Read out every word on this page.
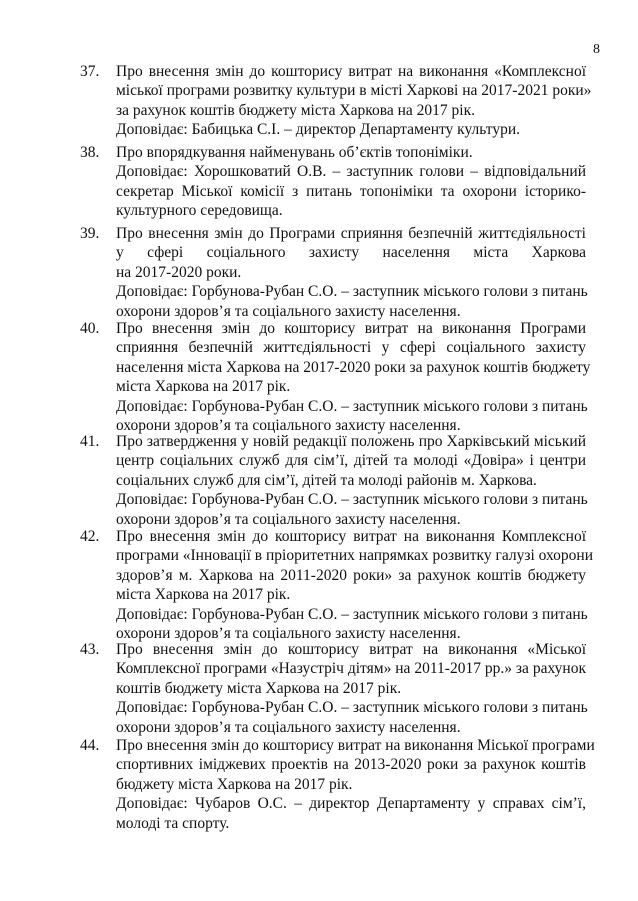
8
37. Про внесення змін до кошторису витрат на виконання «Комплексної
міської програми розвитку культури в місті Харкові на 2017-2021 роки»
за рахунок коштів бюджету міста Харкова на 2017 рік.
Доповідає: Бабицька С.І. – директор Департаменту культури.
38. Про впорядкування найменувань об’єктів топоніміки.
Доповідає: Хорошковатий О.В. – заступник голови – відповідальний
секретар Міської комісії з питань топоніміки та охорони історико-
культурного середовища.
39. Про внесення змін до Програми сприяння безпечній життєдіяльності
у сфері соціального захисту населення міста Харкова
на 2017-2020 роки.
Доповідає: Горбунова-Рубан С.О. – заступник міського голови з питань
охорони здоров’я та соціального захисту населення.
40. Про внесення змін до кошторису витрат на виконання Програми
сприяння безпечній життєдіяльності у сфері соціального захисту
населення міста Харкова на 2017-2020 роки за рахунок коштів бюджету
міста Харкова на 2017 рік.
Доповідає: Горбунова-Рубан С.О. – заступник міського голови з питань
охорони здоров’я та соціального захисту населення.
41. Про затвердження у новій редакції положень про Харківський міський
центр соціальних служб для сім’ї, дітей та молоді «Довіра» і центри
соціальних служб для сім’ї, дітей та молоді районів м. Харкова.
Доповідає: Горбунова-Рубан С.О. – заступник міського голови з питань
охорони здоров’я та соціального захисту населення.
42. Про внесення змін до кошторису витрат на виконання Комплексної
програми «Інновації в пріоритетних напрямках розвитку галузі охорони
здоров’я м. Харкова на 2011-2020 роки» за рахунок коштів бюджету
міста Харкова на 2017 рік.
Доповідає: Горбунова-Рубан С.О. – заступник міського голови з питань
охорони здоров’я та соціального захисту населення.
43. Про внесення змін до кошторису витрат на виконання «Міської
Комплексної програми «Назустріч дітям» на 2011-2017 рр.» за рахунок
коштів бюджету міста Харкова на 2017 рік.
Доповідає: Горбунова-Рубан С.О. – заступник міського голови з питань
охорони здоров’я та соціального захисту населення.
44. Про внесення змін до кошторису витрат на виконання Міської програми
спортивних іміджевих проектів на 2013-2020 роки за рахунок коштів
бюджету міста Харкова на 2017 рік.
Доповідає: Чубаров О.С. – директор Департаменту у справах сім’ї,
молоді та спорту.
